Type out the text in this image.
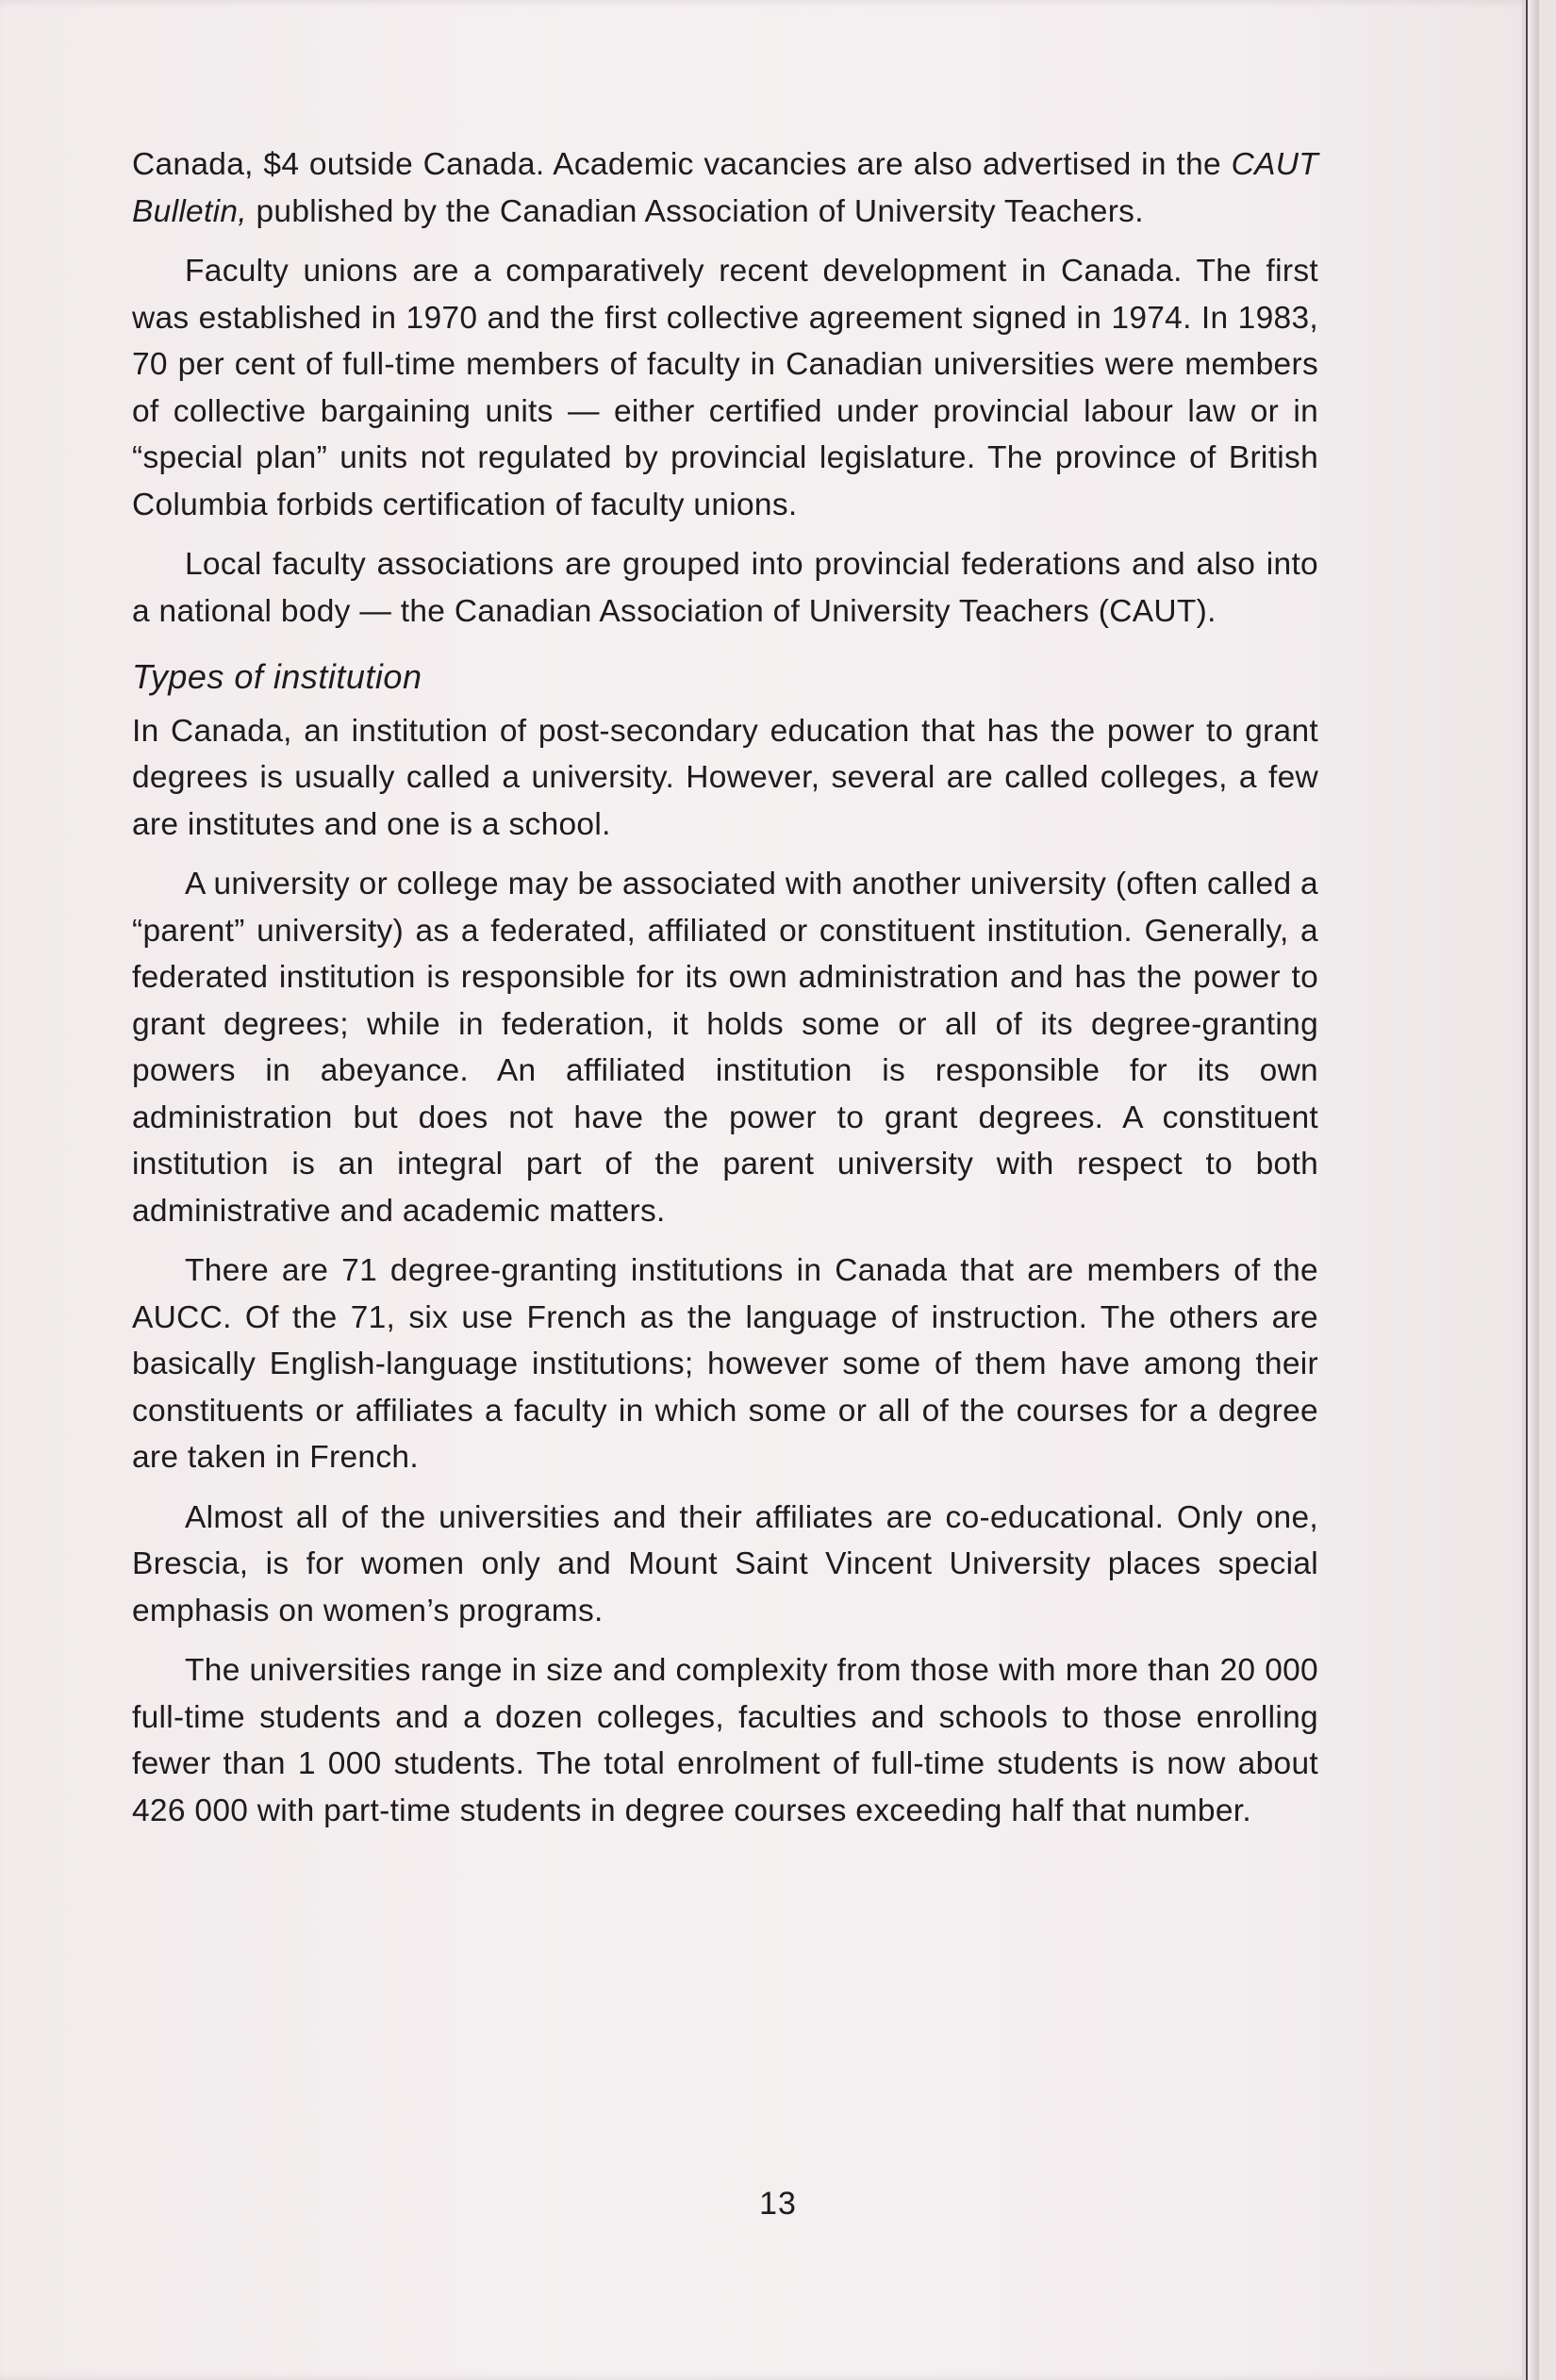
Canada, $4 outside Canada. Academic vacancies are also advertised in the CAUT Bulletin, published by the Canadian Association of University Teachers.

Faculty unions are a comparatively recent development in Canada. The first was established in 1970 and the first collective agreement signed in 1974. In 1983, 70 per cent of full-time members of faculty in Canadian universities were members of collective bargaining units — either certified under provincial labour law or in “special plan” units not regulated by provincial legislature. The province of British Columbia forbids certification of faculty unions.

Local faculty associations are grouped into provincial federations and also into a national body — the Canadian Association of University Teachers (CAUT).

Types of institution

In Canada, an institution of post-secondary education that has the power to grant degrees is usually called a university. However, several are called colleges, a few are institutes and one is a school.

A university or college may be associated with another university (often called a “parent” university) as a federated, affiliated or constituent institution. Generally, a federated institution is responsible for its own administration and has the power to grant degrees; while in federation, it holds some or all of its degree-granting powers in abeyance. An affiliated institution is responsible for its own administration but does not have the power to grant degrees. A constituent institution is an integral part of the parent university with respect to both administrative and academic matters.

There are 71 degree-granting institutions in Canada that are members of the AUCC. Of the 71, six use French as the language of instruction. The others are basically English-language institutions; however some of them have among their constituents or affiliates a faculty in which some or all of the courses for a degree are taken in French.

Almost all of the universities and their affiliates are co-educational. Only one, Brescia, is for women only and Mount Saint Vincent University places special emphasis on women’s programs.

The universities range in size and complexity from those with more than 20 000 full-time students and a dozen colleges, faculties and schools to those enrolling fewer than 1 000 students. The total enrolment of full-time students is now about 426 000 with part-time students in degree courses exceeding half that number.

13
